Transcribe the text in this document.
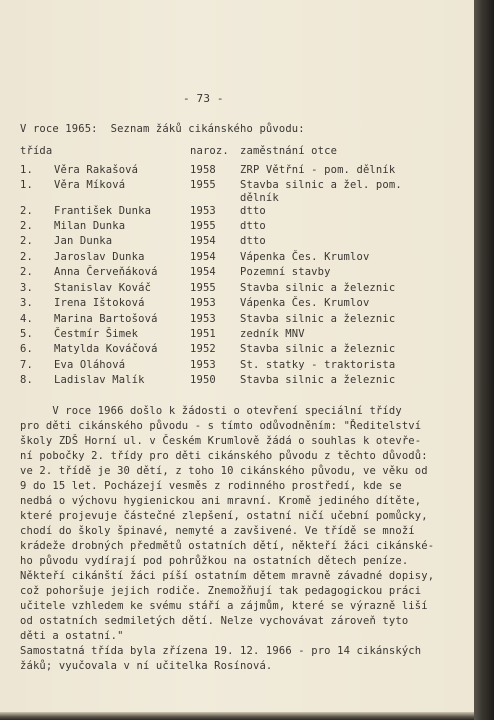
- 73 -
V roce 1965:  Seznam žáků cikánského původu:
třída	naroz. zaměstnání otce
1. Věra Rakašová	1958 ZRP Větřní - pom. dělník
1. Věra Míková	1955 Stavba silnic a žel. pom.
dělník
2. František Dunka	1953 dtto
2. Milan Dunka	1955 dtto
2. Jan Dunka	1954 dtto
2. Jaroslav Dunka	1954 Vápenka Čes. Krumlov
2. Anna Červeňáková	1954 Pozemní stavby
3. Stanislav Kováč	1955 Stavba silnic a železnic
3. Irena Ištoková	1953 Vápenka Čes. Krumlov
4. Marina Bartošová	1953 Stavba silnic a železnic
5. Čestmír Šimek	1951 zedník MNV
6. Matylda Kováčová	1952 Stavba silnic a železnic
7. Eva Oláhová	1953 St. statky - traktorista
8. Ladislav Malík	1950 Stavba silnic a železnic
V roce 1966 došlo k žádosti o otevření speciální třídy
pro děti cikánského původu - s tímto odůvodněním: "Ředitelství
školy ZDŠ Horní ul. v Českém Krumlově žádá o souhlas k otevře-
ní pobočky 2. třídy pro děti cikánského původu z těchto důvodů:
ve 2. třídě je 30 dětí, z toho 10 cikánského původu, ve věku od
9 do 15 let. Pocházejí vesměs z rodinného prostředí, kde se
nedbá o výchovu hygienickou ani mravní. Kromě jediného dítěte,
které projevuje částečné zlepšení, ostatní ničí učební pomůcky,
chodí do školy špinavé, nemyté a zavšivené. Ve třídě se množí
krádeže drobných předmětů ostatních dětí, někteří žáci cikánské-
ho původu vydírají pod pohrůžkou na ostatních dětech peníze.
Někteří cikánští žáci píší ostatním dětem mravně závadné dopisy,
což pohoršuje jejich rodiče. Znemožňují tak pedagogickou práci
učitele vzhledem ke svému stáří a zájmům, které se výrazně liší
od ostatních sedmiletých dětí. Nelze vychovávat zároveň tyto
děti a ostatní."
Samostatná třída byla zřízena 19. 12. 1966 - pro 14 cikánských
žáků; vyučovala v ní učitelka Rosínová.
